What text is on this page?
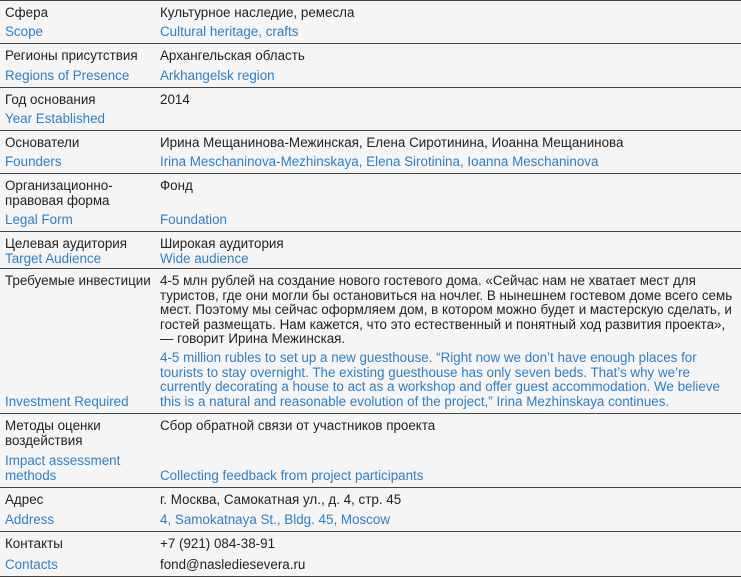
Сфера
Scope
Культурное наследие, ремесла
Cultural heritage, crafts
Регионы присутствия
Regions of Presence
Архангельская область
Arkhangelsk region
Год основания
Year Established
2014
Основатели
Founders
Ирина Мещанинова-Межинская, Елена Сиротинина, Иоанна Мещанинова
Irina Meschaninova-Mezhinskaya, Elena Sirotinina, Ioanna Meschaninova
Организационно-правовая форма
Legal Form
Фонд
Foundation
Целевая аудитория
Target Audience
Широкая аудитория
Wide audience
Требуемые инвестиции
Investment Required
4-5 млн рублей на создание нового гостевого дома. «Сейчас нам не хватает мест для туристов, где они могли бы остановиться на ночлег. В нынешнем гостевом доме всего семь мест. Поэтому мы сейчас оформляем дом, в котором можно будет и мастерскую сделать, и гостей размещать. Нам кажется, что это естественный и понятный ход развития проекта», — говорит Ирина Межинская.
4-5 million rubles to set up a new guesthouse. “Right now we don’t have enough places for tourists to stay overnight. The existing guesthouse has only seven beds. That’s why we’re currently decorating a house to act as a workshop and offer guest accommodation. We believe this is a natural and reasonable evolution of the project,” Irina Mezhinskaya continues.
Методы оценки воздействия
Impact assessment methods
Сбор обратной связи от участников проекта
Collecting feedback from project participants
Адрес
Address
г. Москва, Самокатная ул., д. 4, стр. 45
4, Samokatnaya St., Bldg. 45, Moscow
Контакты
Contacts
+7 (921) 084-38-91
fond@naslediesevera.ru
